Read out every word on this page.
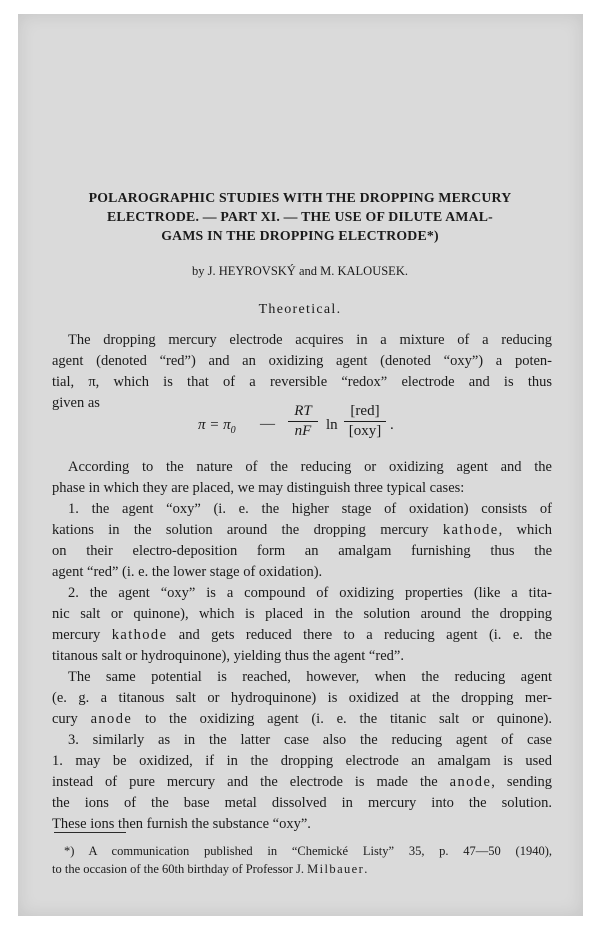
POLAROGRAPHIC STUDIES WITH THE DROPPING MERCURY
ELECTRODE. — PART XI. — THE USE OF DILUTE AMAL-
GAMS IN THE DROPPING ELECTRODE*)
by J. HEYROVSKÝ and M. KALOUSEK.
Theoretical.
The dropping mercury electrode acquires in a mixture of a reducing
agent (denoted “red”) and an oxidizing agent (denoted “oxy”) a poten-
tial, π, which is that of a reversible “redox” electrode and is thus
given as
$\pi = \pi_0$ —
RT
nF ln
[red]
[oxy] .
According to the nature of the reducing or oxidizing agent and the
phase in which they are placed, we may distinguish three typical cases:
1. the agent “oxy” (i. e. the higher stage of oxidation) consists of
kations in the solution around the dropping mercury kathode, which
on their electro-deposition form an amalgam furnishing thus the
agent “red” (i. e. the lower stage of oxidation).
2. the agent “oxy” is a compound of oxidizing properties (like a tita-
nic salt or quinone), which is placed in the solution around the dropping
mercury kathode and gets reduced there to a reducing agent (i. e. the
titanous salt or hydroquinone), yielding thus the agent “red”.
The same potential is reached, however, when the reducing agent
(e. g. a titanous salt or hydroquinone) is oxidized at the dropping mer-
cury anode to the oxidizing agent (i. e. the titanic salt or quinone).
3. similarly as in the latter case also the reducing agent of case
1. may be oxidized, if in the dropping electrode an amalgam is used
instead of pure mercury and the electrode is made the anode, sending
the ions of the base metal dissolved in mercury into the solution.
These ions then furnish the substance “oxy”.
*) A communication published in “Chemické Listy” 35, p. 47—50 (1940),
to the occasion of the 60th birthday of Professor J. Milbauer.
